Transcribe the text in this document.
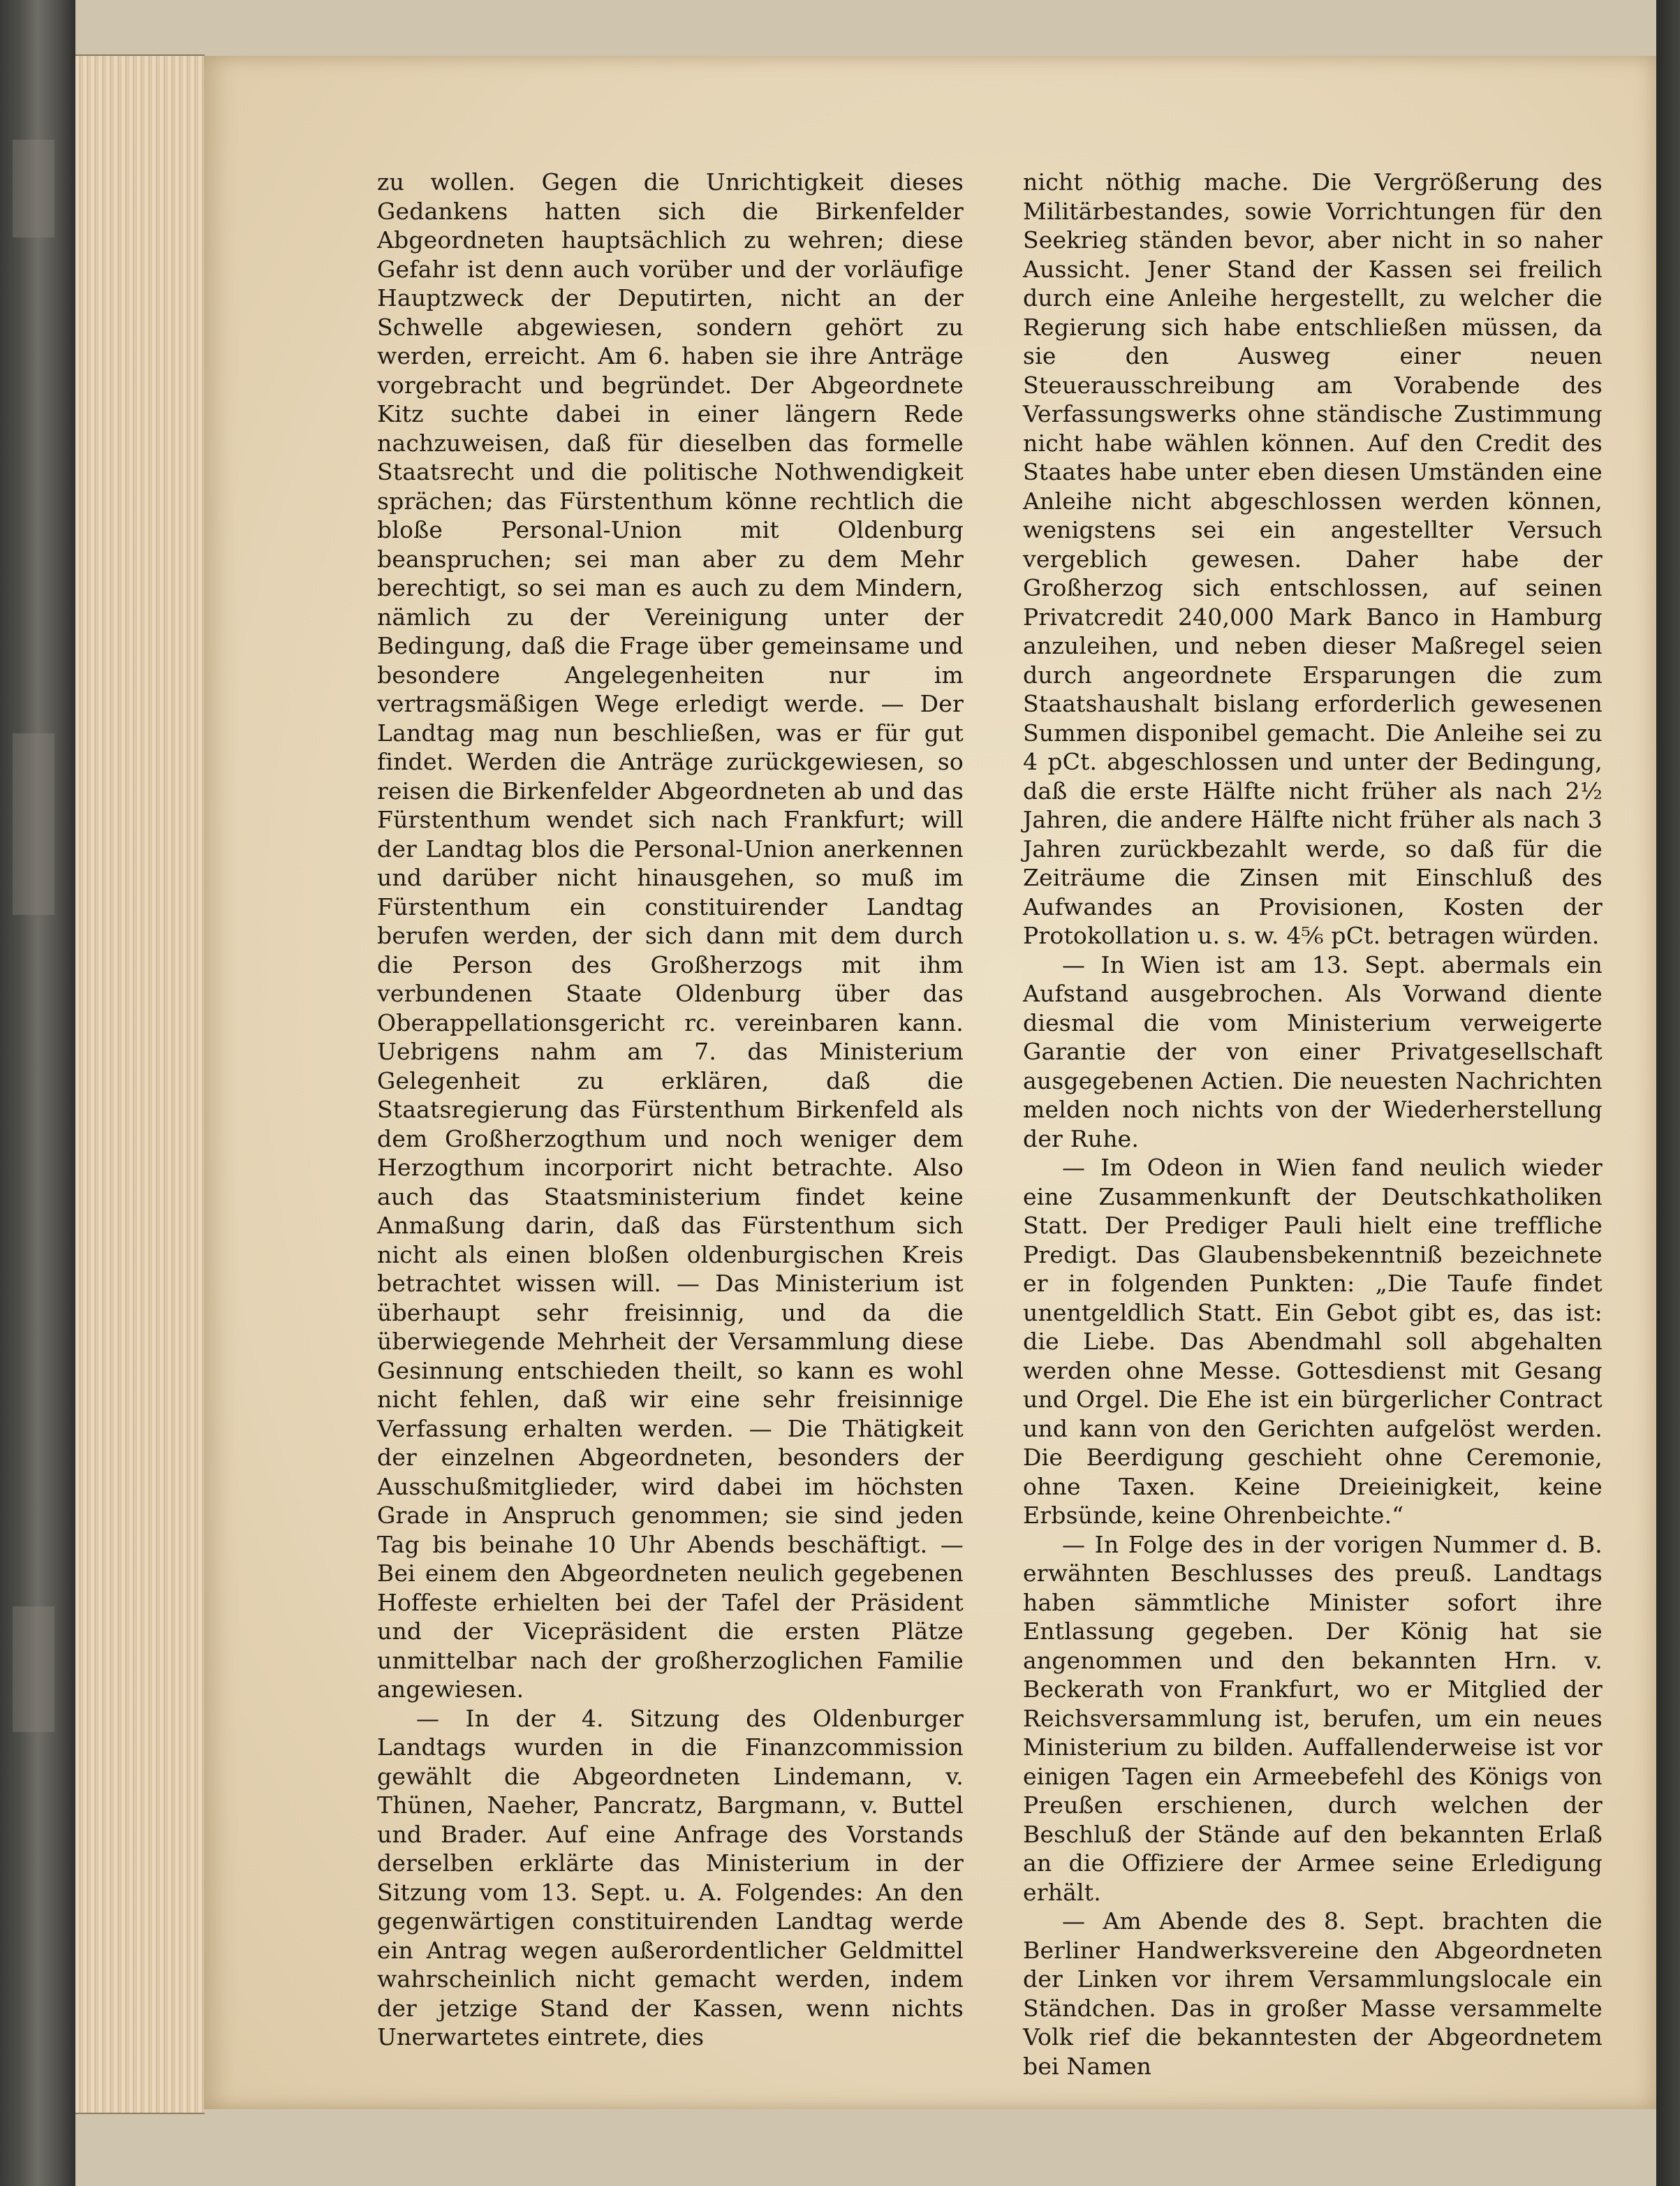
zu wollen. Gegen die Unrichtigkeit dieses Gedankens hatten sich die Birkenfelder Abgeordneten hauptsächlich zu wehren; diese Gefahr ist denn auch vorüber und der vorläufige Hauptzweck der Deputirten, nicht an der Schwelle abgewiesen, sondern gehört zu werden, erreicht. Am 6. haben sie ihre Anträge vorgebracht und begründet. Der Abgeordnete Kitz suchte dabei in einer längern Rede nachzuweisen, daß für dieselben das formelle Staatsrecht und die politische Nothwendigkeit sprächen; das Fürstenthum könne rechtlich die bloße Personal-Union mit Oldenburg beanspruchen; sei man aber zu dem Mehr berechtigt, so sei man es auch zu dem Mindern, nämlich zu der Vereinigung unter der Bedingung, daß die Frage über gemeinsame und besondere Angelegenheiten nur im vertragsmäßigen Wege erledigt werde. — Der Landtag mag nun beschließen, was er für gut findet. Werden die Anträge zurückgewiesen, so reisen die Birkenfelder Abgeordneten ab und das Fürstenthum wendet sich nach Frankfurt; will der Landtag blos die Personal-Union anerkennen und darüber nicht hinausgehen, so muß im Fürstenthum ein constituirender Landtag berufen werden, der sich dann mit dem durch die Person des Großherzogs mit ihm verbundenen Staate Oldenburg über das Oberappellationsgericht rc. vereinbaren kann. Uebrigens nahm am 7. das Ministerium Gelegenheit zu erklären, daß die Staatsregierung das Fürstenthum Birkenfeld als dem Großherzogthum und noch weniger dem Herzogthum incorporirt nicht betrachte. Also auch das Staatsministerium findet keine Anmaßung darin, daß das Fürstenthum sich nicht als einen bloßen oldenburgischen Kreis betrachtet wissen will. — Das Ministerium ist überhaupt sehr freisinnig, und da die überwiegende Mehrheit der Versammlung diese Gesinnung entschieden theilt, so kann es wohl nicht fehlen, daß wir eine sehr freisinnige Verfassung erhalten werden. — Die Thätigkeit der einzelnen Abgeordneten, besonders der Ausschußmitglieder, wird dabei im höchsten Grade in Anspruch genommen; sie sind jeden Tag bis beinahe 10 Uhr Abends beschäftigt. — Bei einem den Abgeordneten neulich gegebenen Hoffeste erhielten bei der Tafel der Präsident und der Vicepräsident die ersten Plätze unmittelbar nach der großherzoglichen Familie angewiesen.

— In der 4. Sitzung des Oldenburger Landtags wurden in die Finanzcommission gewählt die Abgeordneten Lindemann, v. Thünen, Naeher, Pancratz, Bargmann, v. Buttel und Brader. Auf eine Anfrage des Vorstands derselben erklärte das Ministerium in der Sitzung vom 13. Sept. u. A. Folgendes: An den gegenwärtigen constituirenden Landtag werde ein Antrag wegen außerordentlicher Geldmittel wahrscheinlich nicht gemacht werden, indem der jetzige Stand der Kassen, wenn nichts Unerwartetes eintrete, dies

nicht nöthig mache. Die Vergrößerung des Militärbestandes, sowie Vorrichtungen für den Seekrieg ständen bevor, aber nicht in so naher Aussicht. Jener Stand der Kassen sei freilich durch eine Anleihe hergestellt, zu welcher die Regierung sich habe entschließen müssen, da sie den Ausweg einer neuen Steuerausschreibung am Vorabende des Verfassungswerks ohne ständische Zustimmung nicht habe wählen können. Auf den Credit des Staates habe unter eben diesen Umständen eine Anleihe nicht abgeschlossen werden können, wenigstens sei ein angestellter Versuch vergeblich gewesen. Daher habe der Großherzog sich entschlossen, auf seinen Privatcredit 240,000 Mark Banco in Hamburg anzuleihen, und neben dieser Maßregel seien durch angeordnete Ersparungen die zum Staatshaushalt bislang erforderlich gewesenen Summen disponibel gemacht. Die Anleihe sei zu 4 pCt. abgeschlossen und unter der Bedingung, daß die erste Hälfte nicht früher als nach 2½ Jahren, die andere Hälfte nicht früher als nach 3 Jahren zurückbezahlt werde, so daß für die Zeiträume die Zinsen mit Einschluß des Aufwandes an Provisionen, Kosten der Protokollation u. s. w. 4⅚ pCt. betragen würden.

— In Wien ist am 13. Sept. abermals ein Aufstand ausgebrochen. Als Vorwand diente diesmal die vom Ministerium verweigerte Garantie der von einer Privatgesellschaft ausgegebenen Actien. Die neuesten Nachrichten melden noch nichts von der Wiederherstellung der Ruhe.

— Im Odeon in Wien fand neulich wieder eine Zusammenkunft der Deutschkatholiken Statt. Der Prediger Pauli hielt eine treffliche Predigt. Das Glaubensbekenntniß bezeichnete er in folgenden Punkten: „Die Taufe findet unentgeldlich Statt. Ein Gebot gibt es, das ist: die Liebe. Das Abendmahl soll abgehalten werden ohne Messe. Gottesdienst mit Gesang und Orgel. Die Ehe ist ein bürgerlicher Contract und kann von den Gerichten aufgelöst werden. Die Beerdigung geschieht ohne Ceremonie, ohne Taxen. Keine Dreieinigkeit, keine Erbsünde, keine Ohrenbeichte.“

— In Folge des in der vorigen Nummer d. B. erwähnten Beschlusses des preuß. Landtags haben sämmtliche Minister sofort ihre Entlassung gegeben. Der König hat sie angenommen und den bekannten Hrn. v. Beckerath von Frankfurt, wo er Mitglied der Reichsversammlung ist, berufen, um ein neues Ministerium zu bilden. Auffallenderweise ist vor einigen Tagen ein Armeebefehl des Königs von Preußen erschienen, durch welchen der Beschluß der Stände auf den bekannten Erlaß an die Offiziere der Armee seine Erledigung erhält.

— Am Abende des 8. Sept. brachten die Berliner Handwerksvereine den Abgeordneten der Linken vor ihrem Versammlungslocale ein Ständchen. Das in großer Masse versammelte Volk rief die bekanntesten der Abgeordnetem bei Namen
